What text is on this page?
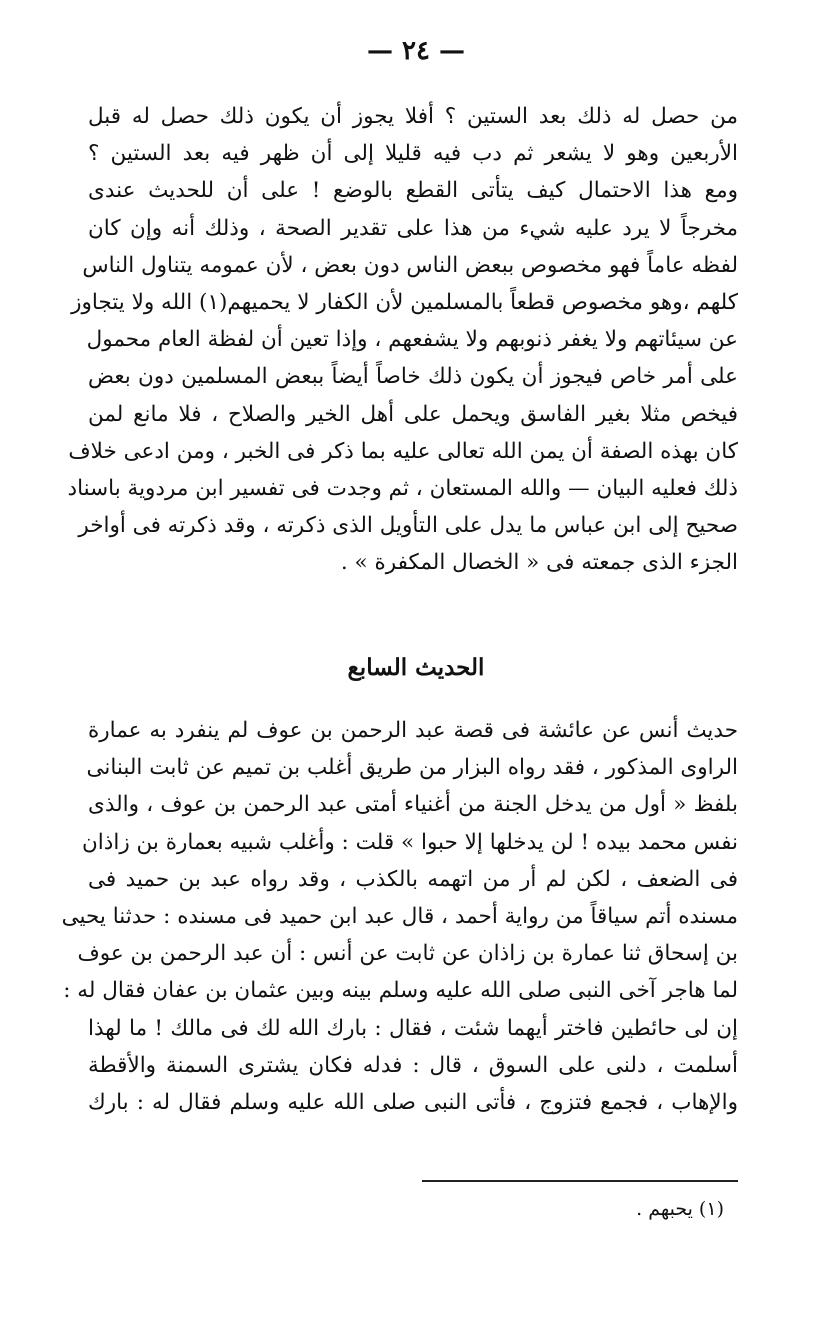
— ٢٤ —
من حصل له ذلك بعد الستين ؟ أفلا يجوز أن يكون ذلك حصل له قبل
الأربعين وهو لا يشعر ثم دب فيه قليلا إلى أن ظهر فيه بعد الستين ؟
ومع هذا الاحتمال كيف يتأتى القطع بالوضع ! على أن للحديث عندى
مخرجاً لا يرد عليه شيء من هذا على تقدير الصحة ، وذلك أنه وإن كان
لفظه عاماً فهو مخصوص ببعض الناس دون بعض ، لأن عمومه يتناول الناس
كلهم ،وهو مخصوص قطعاً بالمسلمين لأن الكفار لا يحميهم(١) الله ولا يتجاوز
عن سيئاتهم ولا يغفر ذنوبهم ولا يشفعهم ، وإذا تعين أن لفظة العام محمول
على أمر خاص فيجوز أن يكون ذلك خاصاً أيضاً ببعض المسلمين دون بعض
فيخص مثلا بغير الفاسق ويحمل على أهل الخير والصلاح ، فلا مانع لمن
كان بهذه الصفة أن يمن الله تعالى عليه بما ذكر فى الخبر ، ومن ادعى خلاف
ذلك فعليه البيان — والله المستعان ، ثم وجدت فى تفسير ابن مردوية باسناد
صحيح إلى ابن عباس ما يدل على التأويل الذى ذكرته ، وقد ذكرته فى أواخر
الجزء الذى جمعته فى « الخصال المكفرة » .
الحديث السابع
حديث أنس عن عائشة فى قصة عبد الرحمن بن عوف لم ينفرد به عمارة
الراوى المذكور ، فقد رواه البزار من طريق أغلب بن تميم عن ثابت البنانى
بلفظ « أول من يدخل الجنة من أغنياء أمتى عبد الرحمن بن عوف ، والذى
نفس محمد بيده ! لن يدخلها إلا حبوا » قلت : وأغلب شبيه بعمارة بن زاذان
فى الضعف ، لكن لم أر من اتهمه بالكذب ، وقد رواه عبد بن حميد فى
مسنده أتم سياقاً من رواية أحمد ، قال عبد ابن حميد فى مسنده : حدثنا يحيى
بن إسحاق ثنا عمارة بن زاذان عن ثابت عن أنس : أن عبد الرحمن بن عوف
لما هاجر آخى النبى صلى الله عليه وسلم بينه وبين عثمان بن عفان فقال له :
إن لى حائطين فاختر أيهما شئت ، فقال : بارك الله لك فى مالك ! ما لهذا
أسلمت ، دلنى على السوق ، قال : فدله فكان يشترى السمنة والأقطة
والإهاب ، فجمع فتزوج ، فأتى النبى صلى الله عليه وسلم فقال له : بارك
(١) يحبهم .
